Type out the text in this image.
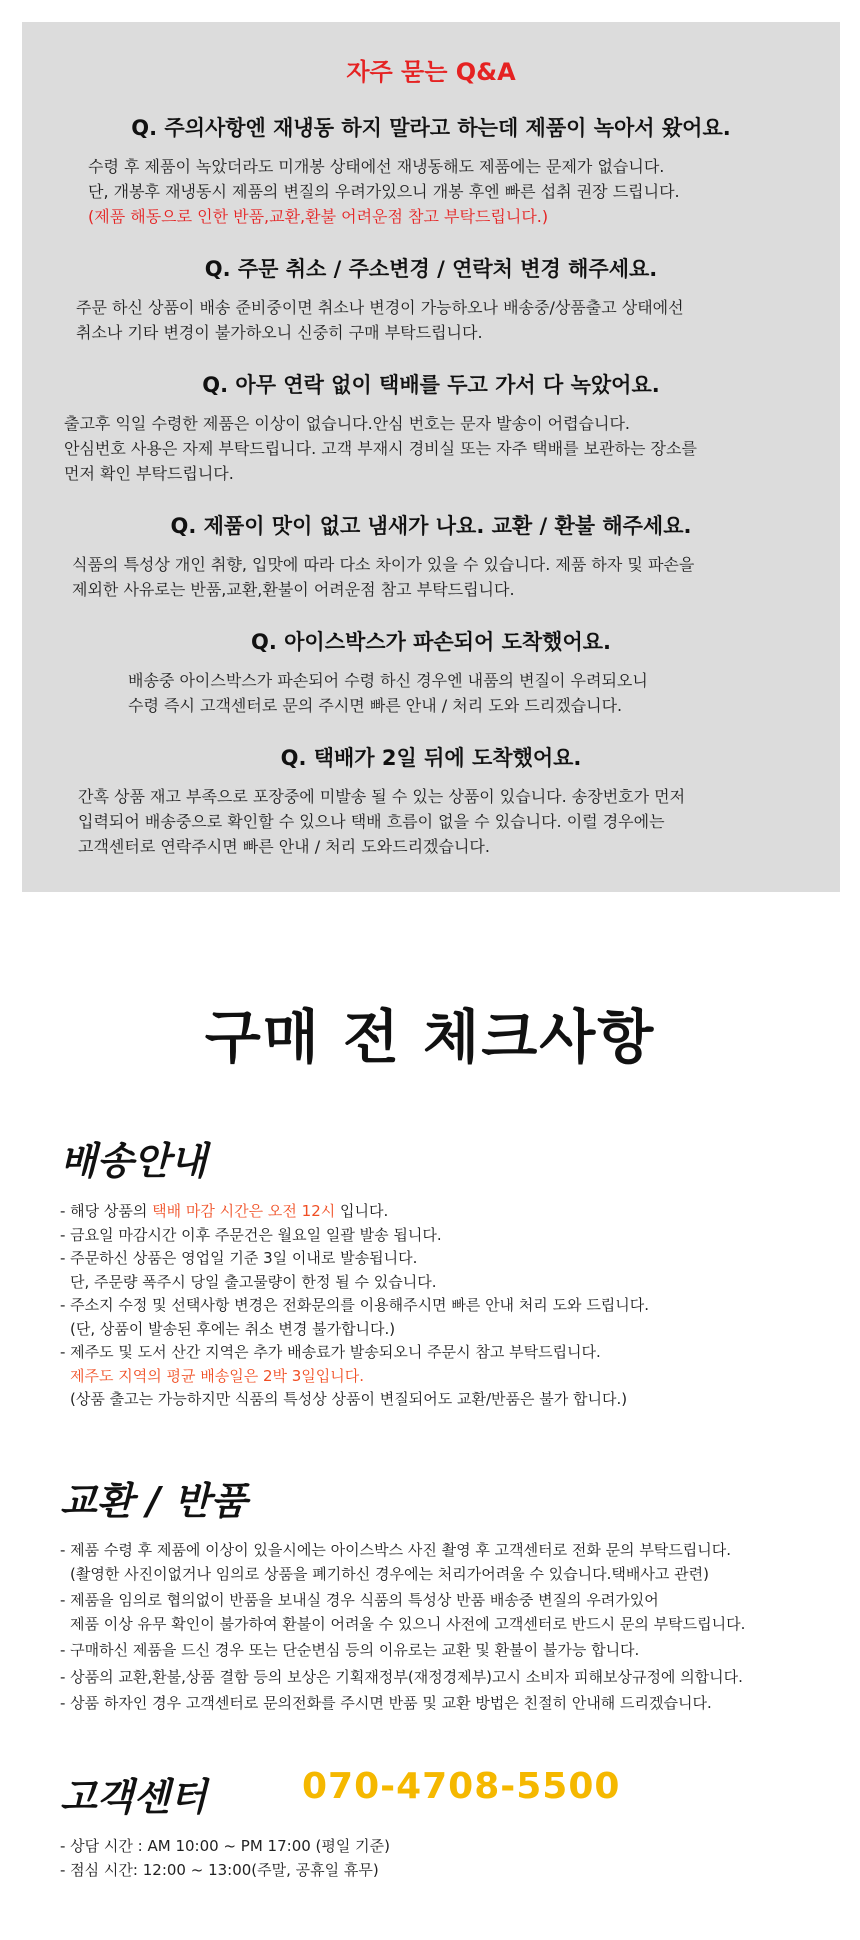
자주 묻는 Q&A
Q. 주의사항엔 재냉동 하지 말라고 하는데 제품이 녹아서 왔어요.
수령 후 제품이 녹았더라도 미개봉 상태에선 재냉동해도 제품에는 문제가 없습니다.
단, 개봉후 재냉동시 제품의 변질의 우려가있으니 개봉 후엔 빠른 섭취 권장 드립니다.
(제품 해동으로 인한 반품,교환,환불 어려운점 참고 부탁드립니다.)
Q. 주문 취소 / 주소변경 / 연락처 변경 해주세요.
주문 하신 상품이 배송 준비중이면 취소나 변경이 가능하오나 배송중/상품출고 상태에선
취소나 기타 변경이 불가하오니 신중히 구매 부탁드립니다.
Q. 아무 연락 없이 택배를 두고 가서 다 녹았어요.
출고후 익일 수령한 제품은 이상이 없습니다.안심 번호는 문자 발송이 어렵습니다.
안심번호 사용은 자제 부탁드립니다. 고객 부재시 경비실 또는 자주 택배를 보관하는 장소를
먼저 확인 부탁드립니다.
Q. 제품이 맛이 없고 냄새가 나요. 교환 / 환불 해주세요.
식품의 특성상 개인 취향, 입맛에 따라 다소 차이가 있을 수 있습니다. 제품 하자 및 파손을
제외한 사유로는 반품,교환,환불이 어려운점 참고 부탁드립니다.
Q. 아이스박스가 파손되어 도착했어요.
배송중 아이스박스가 파손되어 수령 하신 경우엔 내품의 변질이 우려되오니
수령 즉시 고객센터로 문의 주시면 빠른 안내 / 처리 도와 드리겠습니다.
Q. 택배가 2일 뒤에 도착했어요.
간혹 상품 재고 부족으로 포장중에 미발송 될 수 있는 상품이 있습니다. 송장번호가 먼저
입력되어 배송중으로 확인할 수 있으나 택배 흐름이 없을 수 있습니다. 이럴 경우에는
고객센터로 연락주시면 빠른 안내 / 처리 도와드리겠습니다.
구매 전 체크사항
배송안내
- 해당 상품의 택배 마감 시간은 오전 12시 입니다.
- 금요일 마감시간 이후 주문건은 월요일 일괄 발송 됩니다.
- 주문하신 상품은 영업일 기준 3일 이내로 발송됩니다.
단, 주문량 폭주시 당일 출고물량이 한정 될 수 있습니다.
- 주소지 수정 및 선택사항 변경은 전화문의를 이용해주시면 빠른 안내 처리 도와 드립니다.
(단, 상품이 발송된 후에는 취소 변경 불가합니다.)
- 제주도 및 도서 산간 지역은 추가 배송료가 발송되오니 주문시 참고 부탁드립니다.
제주도 지역의 평균 배송일은 2박 3일입니다.
(상품 출고는 가능하지만 식품의 특성상 상품이 변질되어도 교환/반품은 불가 합니다.)
교환 / 반품
- 제품 수령 후 제품에 이상이 있을시에는 아이스박스 사진 촬영 후 고객센터로 전화 문의 부탁드립니다.
(촬영한 사진이없거나 임의로 상품을 폐기하신 경우에는 처리가어려울 수 있습니다.택배사고 관련)
- 제품을 임의로 협의없이 반품을 보내실 경우 식품의 특성상 반품 배송중 변질의 우려가있어
제품 이상 유무 확인이 불가하여 환불이 어려울 수 있으니 사전에 고객센터로 반드시 문의 부탁드립니다.
- 구매하신 제품을 드신 경우 또는 단순변심 등의 이유로는 교환 및 환불이 불가능 합니다.
- 상품의 교환,환불,상품 결함 등의 보상은 기획재정부(재정경제부)고시 소비자 피해보상규정에 의합니다.
- 상품 하자인 경우 고객센터로 문의전화를 주시면 반품 및 교환 방법은 친절히 안내해 드리겠습니다.
고객센터	070-4708-5500
- 상담 시간 : AM 10:00 ~ PM 17:00 (평일 기준)
- 점심 시간: 12:00 ~ 13:00(주말, 공휴일 휴무)
